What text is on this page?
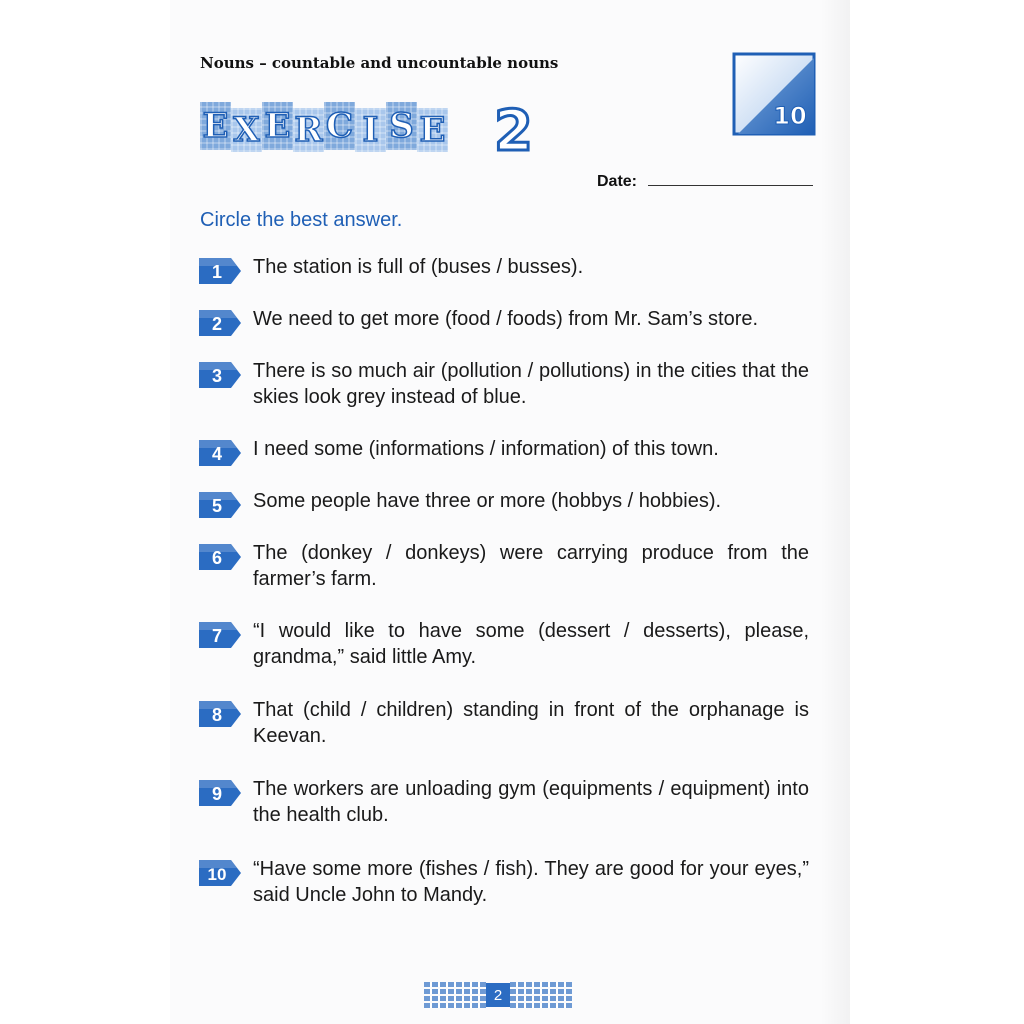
Nouns – countable and uncountable nouns
E X E R C I S E 2	10
Date:
Circle the best answer.
1 The station is full of (buses / busses).
2 We need to get more (food / foods) from Mr. Sam’s store.
3 There is so much air (pollution / pollutions) in the cities that the skies look grey instead of blue.
4 I need some (informations / information) of this town.
5 Some people have three or more (hobbys / hobbies).
6 The (donkey / donkeys) were carrying produce from the farmer’s farm.
7 “I would like to have some (dessert / desserts), please, grandma,” said little Amy.
8 That (child / children) standing in front of the orphanage is Keevan.
9 The workers are unloading gym (equipments / equipment) into the health club.
10 “Have some more (fishes / fish). They are good for your eyes,” said Uncle John to Mandy.
2
